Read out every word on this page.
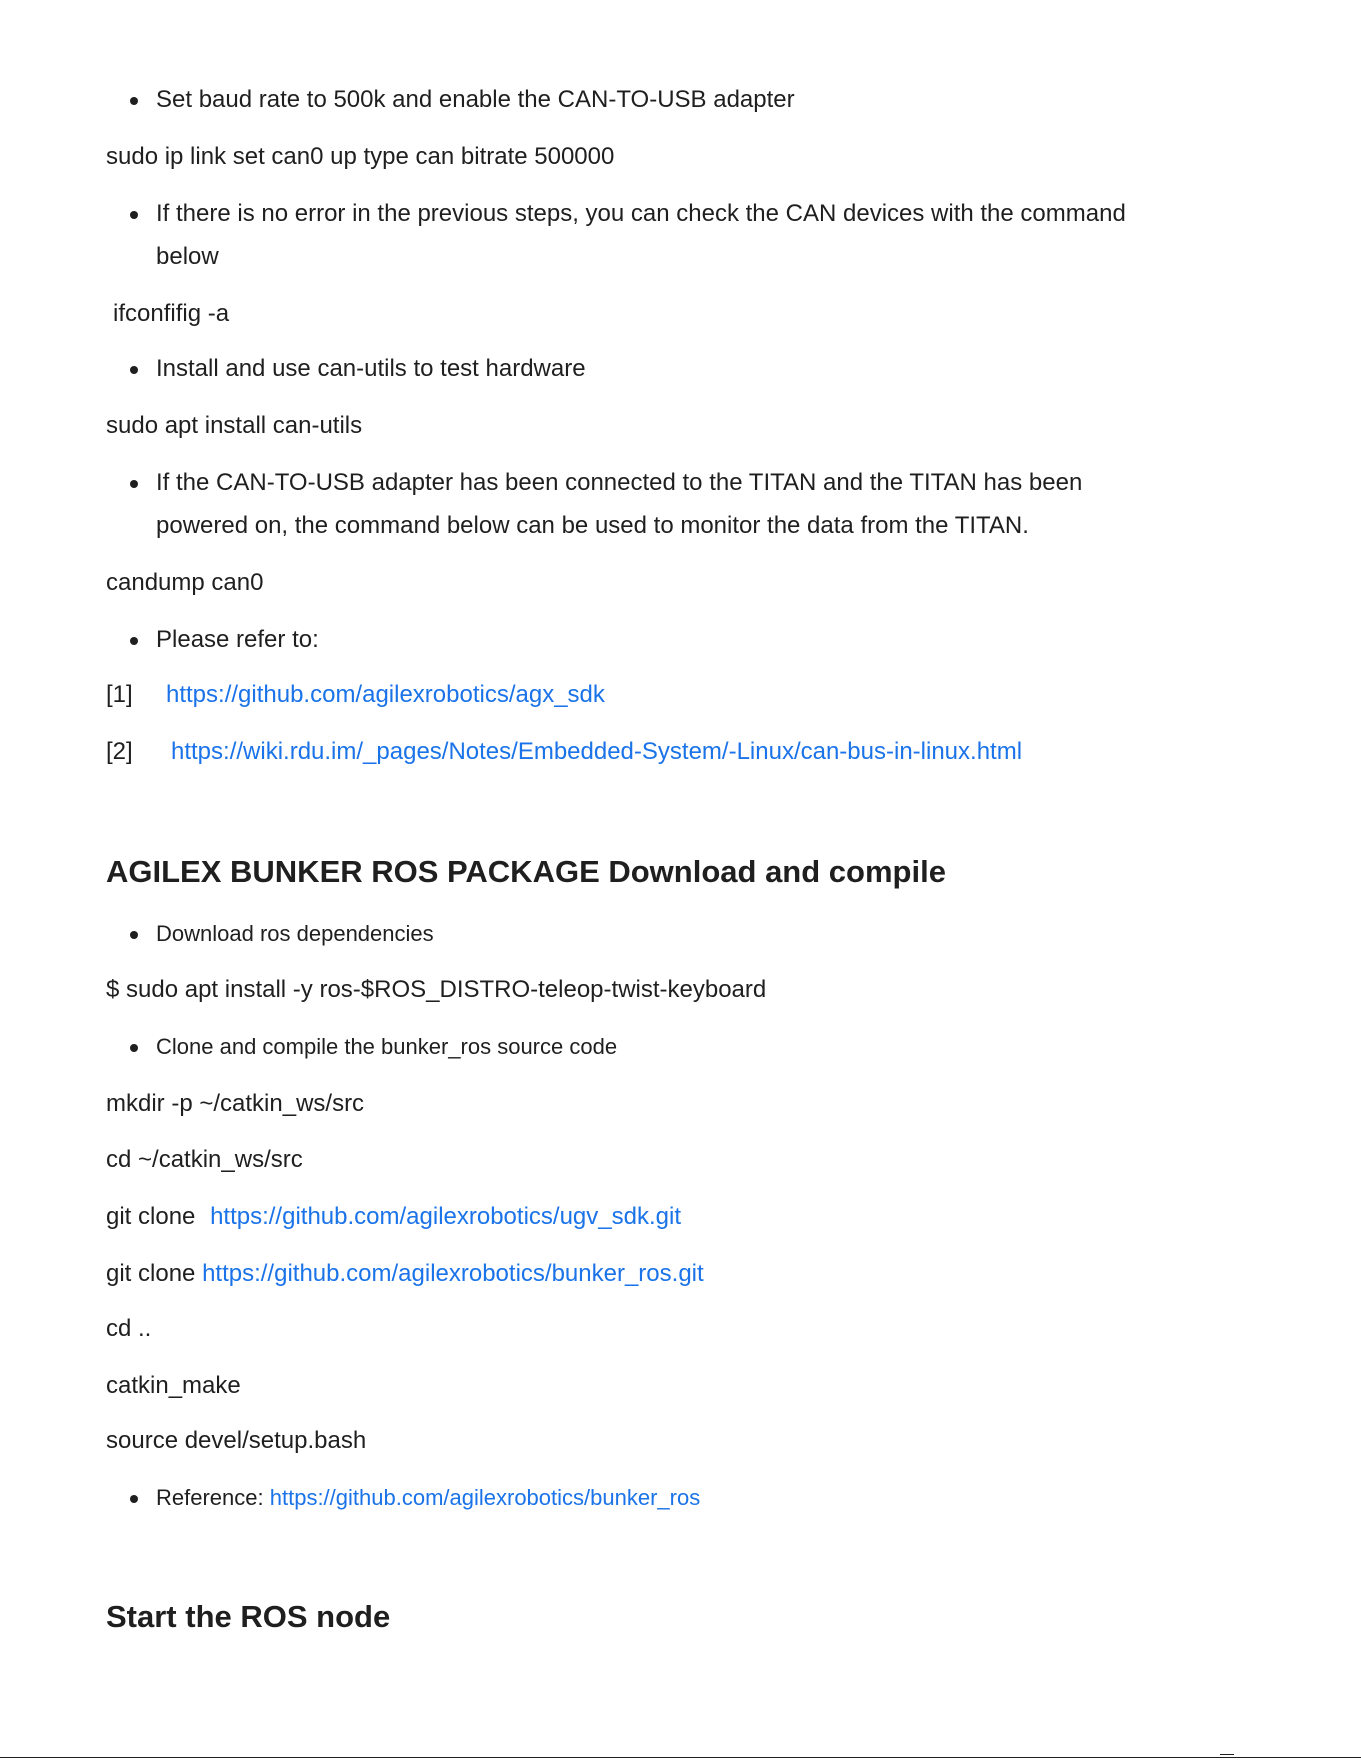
Set baud rate to 500k and enable the CAN-TO-USB adapter
sudo ip link set can0 up type can bitrate 500000
If there is no error in the previous steps, you can check the CAN devices with the command
below
ifconfifig -a
Install and use can-utils to test hardware
sudo apt install can-utils
If the CAN-TO-USB adapter has been connected to the TITAN and the TITAN has been
powered on, the command below can be used to monitor the data from the TITAN.
candump can0
Please refer to:
[1] https://github.com/agilexrobotics/agx_sdk
[2] https://wiki.rdu.im/_pages/Notes/Embedded-System/-Linux/can-bus-in-linux.html
AGILEX BUNKER ROS PACKAGE Download and compile
Download ros dependencies
$ sudo apt install -y ros-$ROS_DISTRO-teleop-twist-keyboard
Clone and compile the bunker_ros source code
mkdir -p ~/catkin_ws/src
cd ~/catkin_ws/src
git clone https://github.com/agilexrobotics/ugv_sdk.git
git clone https://github.com/agilexrobotics/bunker_ros.git
cd ..
catkin_make
source devel/setup.bash
Reference: https://github.com/agilexrobotics/bunker_ros
Start the ROS node
